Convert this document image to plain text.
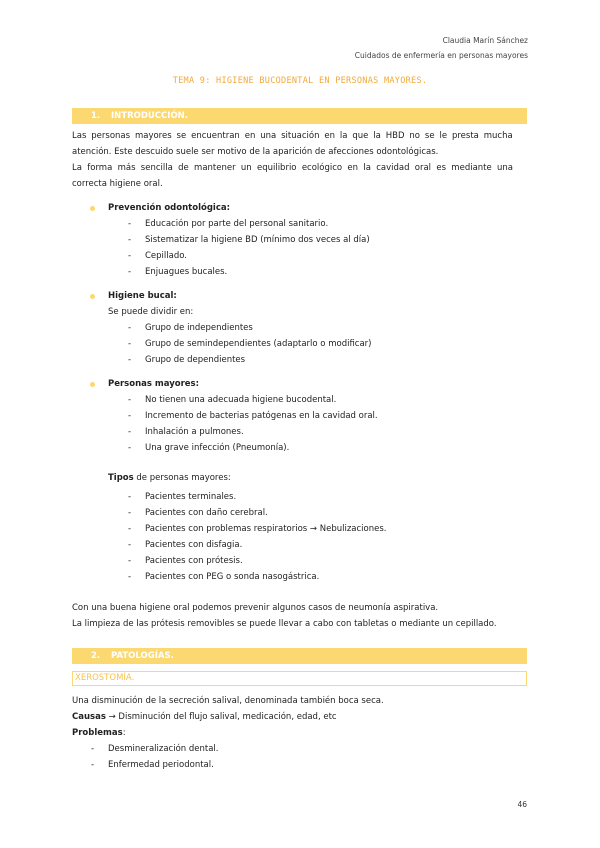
Claudia Marín Sánchez
Cuidados de enfermería en personas mayores
TEMA 9: HIGIENE BUCODENTAL EN PERSONAS MAYORES.
1. INTRODUCCIÓN.
Las personas mayores se encuentran en una situación en la que la HBD no se le presta mucha
atención. Este descuido suele ser motivo de la aparición de afecciones odontológicas.
La forma más sencilla de mantener un equilibrio ecológico en la cavidad oral es mediante una
correcta higiene oral.
Prevención odontológica:
- Educación por parte del personal sanitario.
- Sistematizar la higiene BD (mínimo dos veces al día)
- Cepillado.
- Enjuagues bucales.
Higiene bucal:
Se puede dividir en:
- Grupo de independientes
- Grupo de semindependientes (adaptarlo o modificar)
- Grupo de dependientes
Personas mayores:
- No tienen una adecuada higiene bucodental.
- Incremento de bacterias patógenas en la cavidad oral.
- Inhalación a pulmones.
- Una grave infección (Pneumonía).
Tipos de personas mayores:
- Pacientes terminales.
- Pacientes con daño cerebral.
- Pacientes con problemas respiratorios → Nebulizaciones.
- Pacientes con disfagia.
- Pacientes con prótesis.
- Pacientes con PEG o sonda nasogástrica.
Con una buena higiene oral podemos prevenir algunos casos de neumonía aspirativa.
La limpieza de las prótesis removibles se puede llevar a cabo con tabletas o mediante un cepillado.
2. PATOLOGÍAS.
XEROSTOMÍA.
Una disminución de la secreción salival, denominada también boca seca.
Causas → Disminución del flujo salival, medicación, edad, etc
Problemas:
- Desmineralización dental.
- Enfermedad periodontal.
46
